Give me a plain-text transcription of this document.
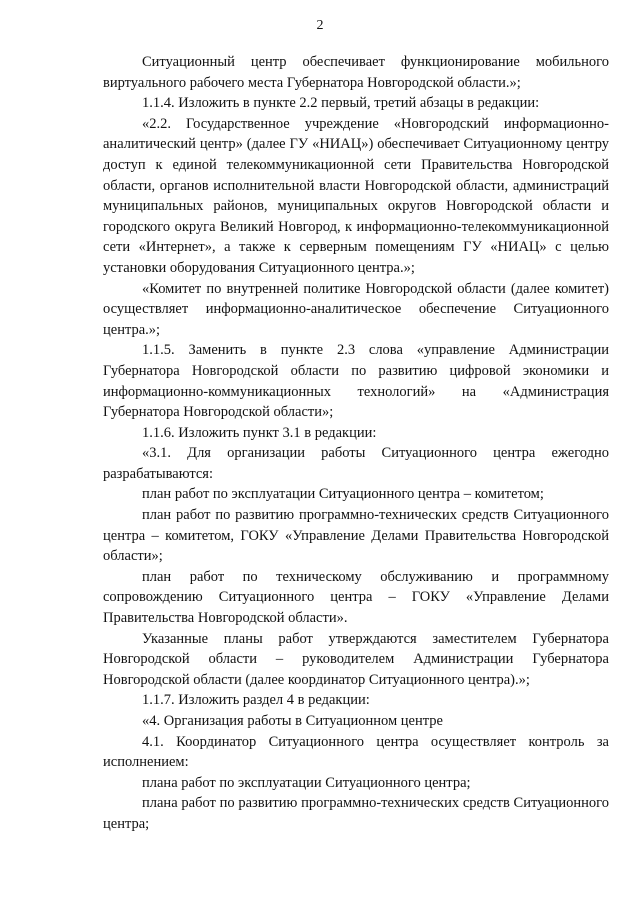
2

Ситуационный центр обеспечивает функционирование мобильного виртуального рабочего места Губернатора Новгородской области.»;

1.1.4. Изложить в пункте 2.2 первый, третий абзацы в редакции:

«2.2. Государственное учреждение «Новгородский информационно-аналитический центр» (далее ГУ «НИАЦ») обеспечивает Ситуационному центру доступ к единой телекоммуникационной сети Правительства Новгородской области, органов исполнительной власти Новгородской области, администраций муниципальных районов, муниципальных округов Новгородской области и городского округа Великий Новгород, к информационно-телекоммуникационной сети «Интернет», а также к серверным помещениям ГУ «НИАЦ» с целью установки оборудования Ситуационного центра.»;

«Комитет по внутренней политике Новгородской области (далее комитет) осуществляет информационно-аналитическое обеспечение Ситуационного центра.»;

1.1.5. Заменить в пункте 2.3 слова «управление Администрации Губернатора Новгородской области по развитию цифровой экономики и информационно-коммуникационных технологий» на «Администрация Губернатора Новгородской области»;

1.1.6. Изложить пункт 3.1 в редакции:

«3.1. Для организации работы Ситуационного центра ежегодно разрабатываются:

план работ по эксплуатации Ситуационного центра – комитетом;

план работ по развитию программно-технических средств Ситуационного центра – комитетом, ГОКУ «Управление Делами Правительства Новгородской области»;

план работ по техническому обслуживанию и программному сопровождению Ситуационного центра – ГОКУ «Управление Делами Правительства Новгородской области».

Указанные планы работ утверждаются заместителем Губернатора Новгородской области – руководителем Администрации Губернатора Новгородской области (далее координатор Ситуационного центра).»;

1.1.7. Изложить раздел 4 в редакции:

«4. Организация работы в Ситуационном центре

4.1. Координатор Ситуационного центра осуществляет контроль за исполнением:

плана работ по эксплуатации Ситуационного центра;

плана работ по развитию программно-технических средств Ситуационного центра;
